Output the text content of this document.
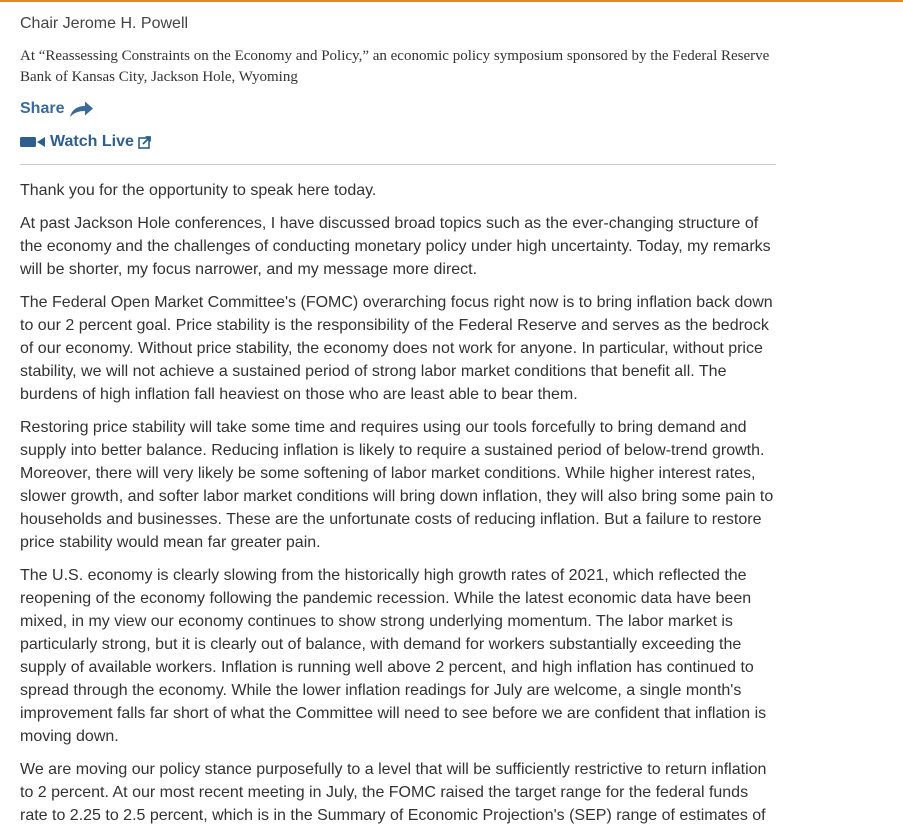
Chair Jerome H. Powell

At “Reassessing Constraints on the Economy and Policy,” an economic policy symposium sponsored by the Federal Reserve Bank of Kansas City, Jackson Hole, Wyoming

Share
Watch Live

Thank you for the opportunity to speak here today.

At past Jackson Hole conferences, I have discussed broad topics such as the ever-changing structure of the economy and the challenges of conducting monetary policy under high uncertainty. Today, my remarks will be shorter, my focus narrower, and my message more direct.

The Federal Open Market Committee's (FOMC) overarching focus right now is to bring inflation back down to our 2 percent goal. Price stability is the responsibility of the Federal Reserve and serves as the bedrock of our economy. Without price stability, the economy does not work for anyone. In particular, without price stability, we will not achieve a sustained period of strong labor market conditions that benefit all. The burdens of high inflation fall heaviest on those who are least able to bear them.

Restoring price stability will take some time and requires using our tools forcefully to bring demand and supply into better balance. Reducing inflation is likely to require a sustained period of below-trend growth. Moreover, there will very likely be some softening of labor market conditions. While higher interest rates, slower growth, and softer labor market conditions will bring down inflation, they will also bring some pain to households and businesses. These are the unfortunate costs of reducing inflation. But a failure to restore price stability would mean far greater pain.

The U.S. economy is clearly slowing from the historically high growth rates of 2021, which reflected the reopening of the economy following the pandemic recession. While the latest economic data have been mixed, in my view our economy continues to show strong underlying momentum. The labor market is particularly strong, but it is clearly out of balance, with demand for workers substantially exceeding the supply of available workers. Inflation is running well above 2 percent, and high inflation has continued to spread through the economy. While the lower inflation readings for July are welcome, a single month's improvement falls far short of what the Committee will need to see before we are confident that inflation is moving down.

We are moving our policy stance purposefully to a level that will be sufficiently restrictive to return inflation to 2 percent. At our most recent meeting in July, the FOMC raised the target range for the federal funds rate to 2.25 to 2.5 percent, which is in the Summary of Economic Projection's (SEP) range of estimates of
